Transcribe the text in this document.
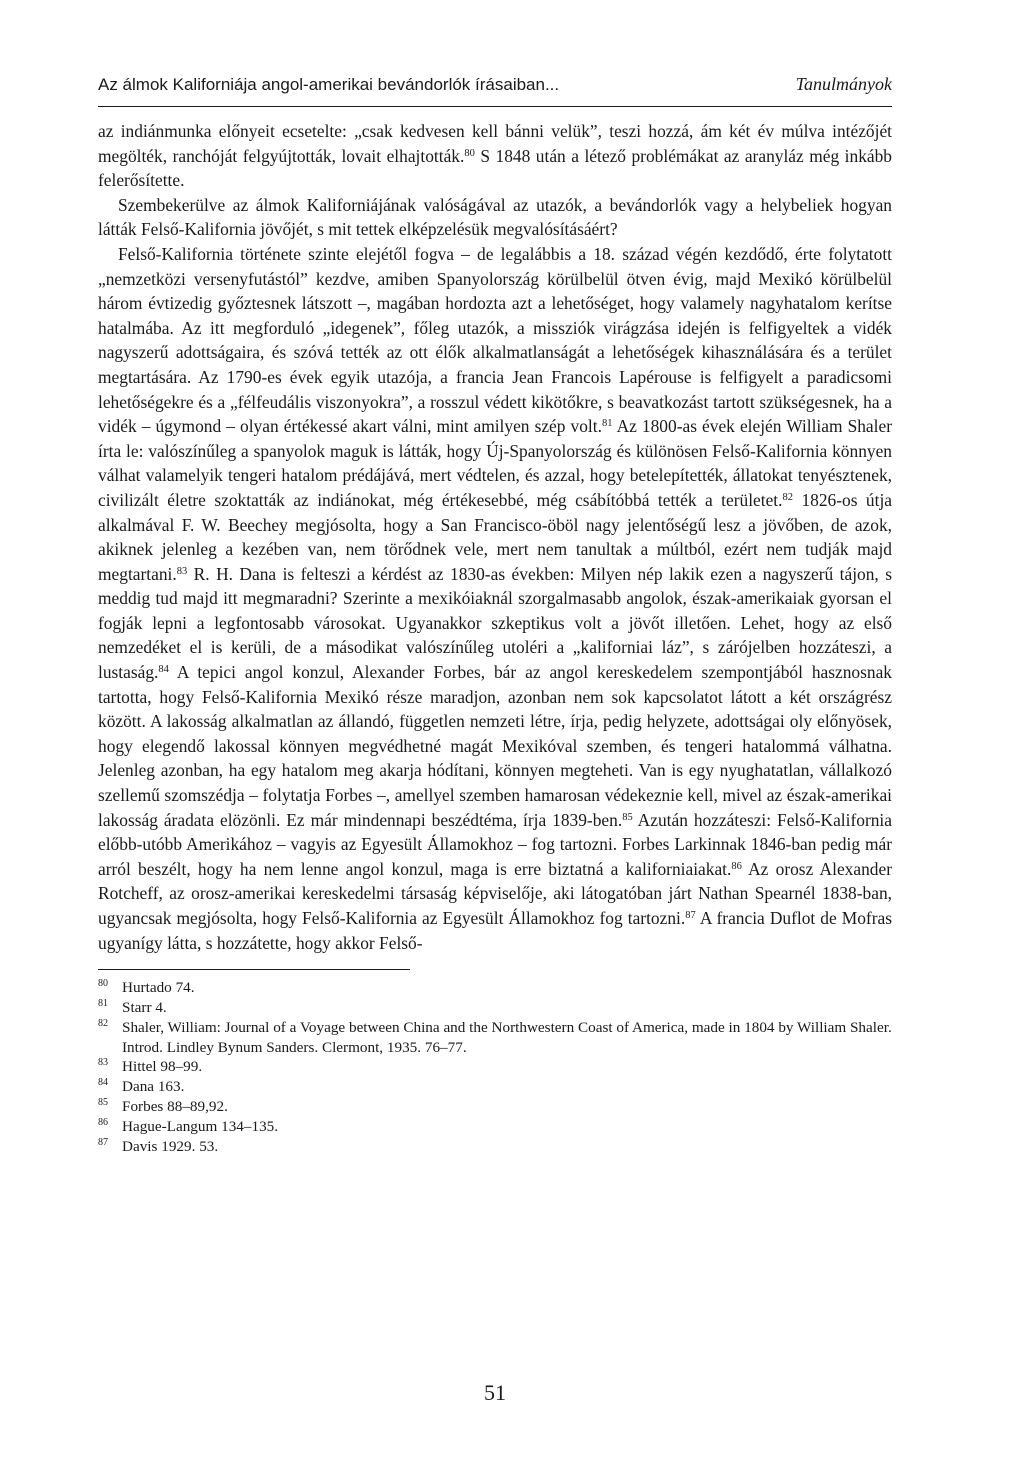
Az álmok Kaliforniája angol-amerikai bevándorlók írásaiban...	Tanulmányok

az indiánmunka előnyeit ecsetelte: „csak kedvesen kell bánni velük”, teszi hozzá, ám két év múlva intézőjét megölték, ranchóját felgyújtották, lovait elhajtották.$^{80}$ S 1848 után a létező problémákat az aranyláz még inkább felerősítette.

Szembekerülve az álmok Kaliforniájának valóságával az utazók, a bevándorlók vagy a helybeliek hogyan látták Felső-Kalifornia jövőjét, s mit tettek elképzelésük megvalósításáért?

Felső-Kalifornia története szinte elejétől fogva – de legalábbis a 18. század végén kezdődő, érte folytatott „nemzetközi versenyfutástól” kezdve, amiben Spanyolország körülbelül ötven évig, majd Mexikó körülbelül három évtizedig győztesnek látszott –, magában hordozta azt a lehetőséget, hogy valamely nagyhatalom kerítse hatalmába. Az itt megforduló „idegenek”, főleg utazók, a missziók virágzása idején is felfigyeltek a vidék nagyszerű adottságaira, és szóvá tették az ott élők alkalmatlanságát a lehetőségek kihasználására és a terület megtartására. Az 1790-es évek egyik utazója, a francia Jean Francois Lapérouse is felfigyelt a paradicsomi lehetőségekre és a „félfeudális viszonyokra”, a rosszul védett kikötőkre, s beavatkozást tartott szükségesnek, ha a vidék – úgymond – olyan értékessé akart válni, mint amilyen szép volt.$^{81}$ Az 1800-as évek elején William Shaler írta le: valószínűleg a spanyolok maguk is látták, hogy Új-Spanyolország és különösen Felső-Kalifornia könnyen válhat valamelyik tengeri hatalom prédájává, mert védtelen, és azzal, hogy betelepítették, állatokat tenyésztenek, civilizált életre szoktatták az indiánokat, még értékesebbé, még csábítóbbá tették a területet.$^{82}$ 1826-os útja alkalmával F. W. Beechey megjósolta, hogy a San Francisco-öböl nagy jelentőségű lesz a jövőben, de azok, akiknek jelenleg a kezében van, nem törődnek vele, mert nem tanultak a múltból, ezért nem tudják majd megtartani.$^{83}$ R. H. Dana is felteszi a kérdést az 1830-as években: Milyen nép lakik ezen a nagyszerű tájon, s meddig tud majd itt megmaradni? Szerinte a mexikóiaknál szorgalmasabb angolok, észak-amerikaiak gyorsan el fogják lepni a legfontosabb városokat. Ugyanakkor szkeptikus volt a jövőt illetően. Lehet, hogy az első nemzedéket el is kerüli, de a másodikat valószínűleg utoléri a „kaliforniai láz”, s zárójelben hozzáteszi, a lustaság.$^{84}$ A tepici angol konzul, Alexander Forbes, bár az angol kereskedelem szempontjából hasznosnak tartotta, hogy Felső-Kalifornia Mexikó része maradjon, azonban nem sok kapcsolatot látott a két országrész között. A lakosság alkalmatlan az állandó, független nemzeti létre, írja, pedig helyzete, adottságai oly előnyösek, hogy elegendő lakossal könnyen megvédhetné magát Mexikóval szemben, és tengeri hatalommá válhatna. Jelenleg azonban, ha egy hatalom meg akarja hódítani, könnyen megteheti. Van is egy nyughatatlan, vállalkozó szellemű szomszédja – folytatja Forbes –, amellyel szemben hamarosan védekeznie kell, mivel az észak-amerikai lakosság áradata elözönli. Ez már mindennapi beszédtéma, írja 1839-ben.$^{85}$ Azután hozzáteszi: Felső-Kalifornia előbb-utóbb Amerikához – vagyis az Egyesült Államokhoz – fog tartozni. Forbes Larkinnak 1846-ban pedig már arról beszélt, hogy ha nem lenne angol konzul, maga is erre biztatná a kaliforniaiakat.$^{86}$ Az orosz Alexander Rotcheff, az orosz-amerikai kereskedelmi társaság képviselője, aki látogatóban járt Nathan Spearnél 1838-ban, ugyancsak megjósolta, hogy Felső-Kalifornia az Egyesült Államokhoz fog tartozni.$^{87}$ A francia Duflot de Mofras ugyanígy látta, s hozzátette, hogy akkor Felső-

80 Hurtado 74.
81 Starr 4.
82 Shaler, William: Journal of a Voyage between China and the Northwestern Coast of America, made in 1804 by William Shaler. Introd. Lindley Bynum Sanders. Clermont, 1935. 76–77.
83 Hittel 98–99.
84 Dana 163.
85 Forbes 88–89,92.
86 Hague-Langum 134–135.
87 Davis 1929. 53.
51
